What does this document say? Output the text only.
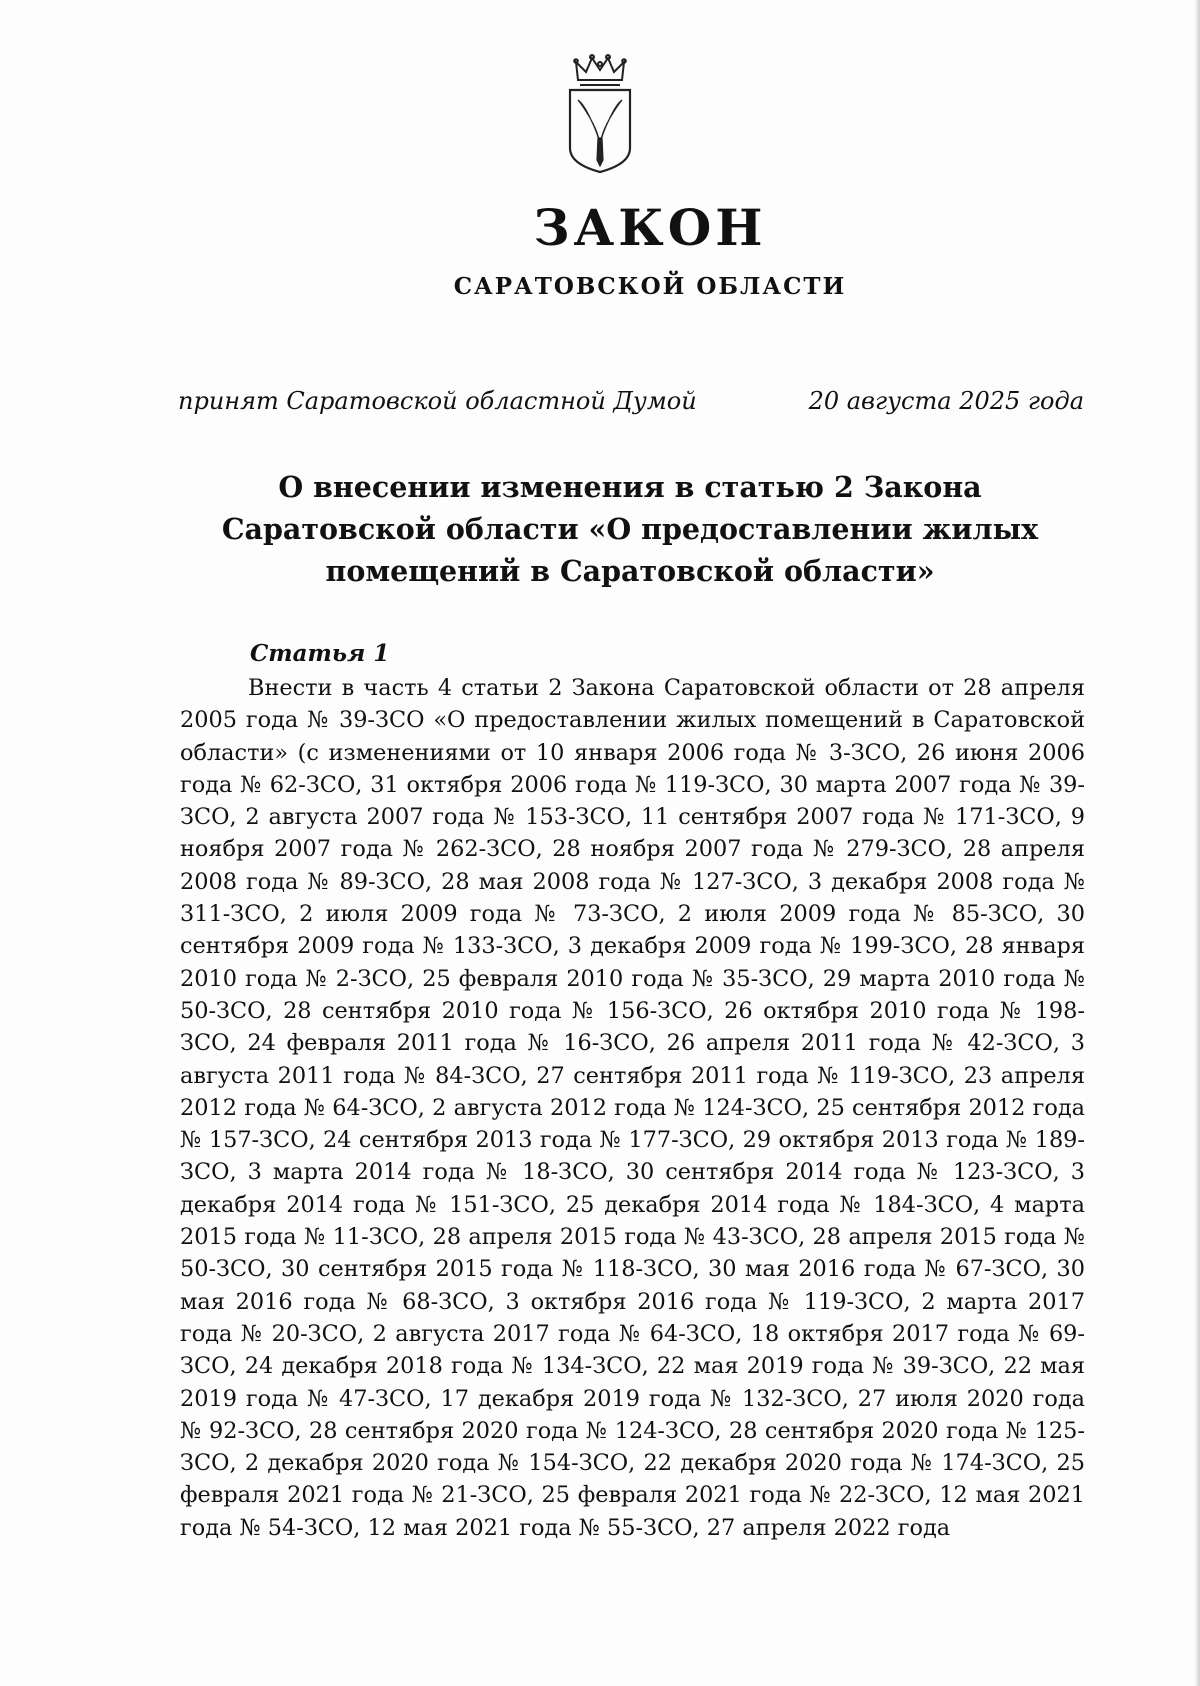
ЗАКОН
САРАТОВСКОЙ ОБЛАСТИ
принят Саратовской областной Думой	20 августа 2025 года
О внесении изменения в статью 2 Закона Саратовской области «О предоставлении жилых помещений в Саратовской области»
Статья 1
Внести в часть 4 статьи 2 Закона Саратовской области от 28 апреля 2005 года № 39-ЗСО «О предоставлении жилых помещений в Саратовской области» (с изменениями от 10 января 2006 года № 3-ЗСО, 26 июня 2006 года № 62-ЗСО, 31 октября 2006 года № 119-ЗСО, 30 марта 2007 года № 39-ЗСО, 2 августа 2007 года № 153-ЗСО, 11 сентября 2007 года № 171-ЗСО, 9 ноября 2007 года № 262-ЗСО, 28 ноября 2007 года № 279-ЗСО, 28 апреля 2008 года № 89-ЗСО, 28 мая 2008 года № 127-ЗСО, 3 декабря 2008 года № 311-ЗСО, 2 июля 2009 года № 73-ЗСО, 2 июля 2009 года № 85-ЗСО, 30 сентября 2009 года № 133-ЗСО, 3 декабря 2009 года № 199-ЗСО, 28 января 2010 года № 2-ЗСО, 25 февраля 2010 года № 35-ЗСО, 29 марта 2010 года № 50-ЗСО, 28 сентября 2010 года № 156-ЗСО, 26 октября 2010 года № 198-ЗСО, 24 февраля 2011 года № 16-ЗСО, 26 апреля 2011 года № 42-ЗСО, 3 августа 2011 года № 84-ЗСО, 27 сентября 2011 года № 119-ЗСО, 23 апреля 2012 года № 64-ЗСО, 2 августа 2012 года № 124-ЗСО, 25 сентября 2012 года № 157-ЗСО, 24 сентября 2013 года № 177-ЗСО, 29 октября 2013 года № 189-ЗСО, 3 марта 2014 года № 18-ЗСО, 30 сентября 2014 года № 123-ЗСО, 3 декабря 2014 года № 151-ЗСО, 25 декабря 2014 года № 184-ЗСО, 4 марта 2015 года № 11-ЗСО, 28 апреля 2015 года № 43-ЗСО, 28 апреля 2015 года № 50-ЗСО, 30 сентября 2015 года № 118-ЗСО, 30 мая 2016 года № 67-ЗСО, 30 мая 2016 года № 68-ЗСО, 3 октября 2016 года № 119-ЗСО, 2 марта 2017 года № 20-ЗСО, 2 августа 2017 года № 64-ЗСО, 18 октября 2017 года № 69-ЗСО, 24 декабря 2018 года № 134-ЗСО, 22 мая 2019 года № 39-ЗСО, 22 мая 2019 года № 47-ЗСО, 17 декабря 2019 года № 132-ЗСО, 27 июля 2020 года № 92-ЗСО, 28 сентября 2020 года № 124-ЗСО, 28 сентября 2020 года № 125-ЗСО, 2 декабря 2020 года № 154-ЗСО, 22 декабря 2020 года № 174-ЗСО, 25 февраля 2021 года № 21-ЗСО, 25 февраля 2021 года № 22-ЗСО, 12 мая 2021 года № 54-ЗСО, 12 мая 2021 года № 55-ЗСО, 27 апреля 2022 года
